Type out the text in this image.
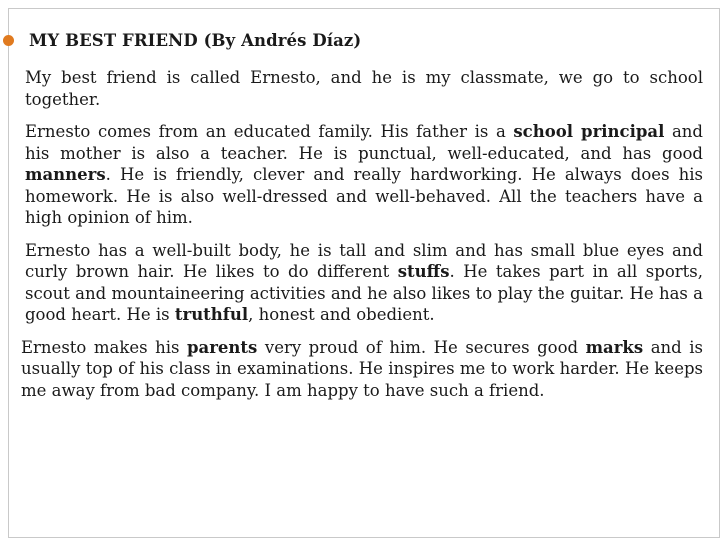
MY BEST FRIEND (By Andrés Díaz)

My best friend is called Ernesto, and he is my classmate, we go to school together.

Ernesto comes from an educated family. His father is a school principal and his mother is also a teacher. He is punctual, well-educated, and has good manners. He is friendly, clever and really hardworking. He always does his homework. He is also well-dressed and well-behaved. All the teachers have a high opinion of him.

Ernesto has a well-built body, he is tall and slim and has small blue eyes and curly brown hair. He likes to do different stuffs. He takes part in all sports, scout and mountaineering activities and he also likes to play the guitar. He has a good heart. He is truthful, honest and obedient.

Ernesto makes his parents very proud of him. He secures good marks and is usually top of his class in examinations. He inspires me to work harder. He keeps me away from bad company. I am happy to have such a friend.
